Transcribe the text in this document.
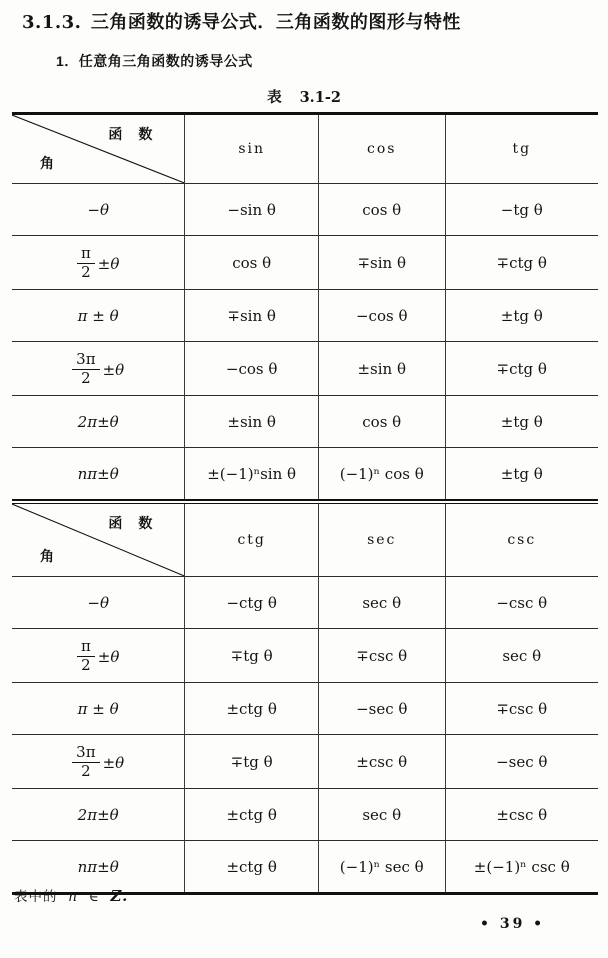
3.1.3. 三角函数的诱导公式．三角函数的图形与特性
1．任意角三角函数的诱导公式
表 3.1-2
函数
角	sin	cos	tg
−θ	−sin θ	cos θ	−tg θ

$\frac{\pi}{2} \pm\theta$	cos θ	∓sin θ	∓ctg θ
π ± θ	∓sin θ	−cos θ	±tg θ

$\frac{3\pi}{2} \pm\theta$	−cos θ	±sin θ	∓ctg θ
2π±θ	±sin θ	cos θ	±tg θ
nπ±θ	±(−1)ⁿsin θ	(−1)ⁿ cos θ	±tg θ
函数
角	ctg	sec	csc
−θ	−ctg θ	sec θ	−csc θ

$\frac{\pi}{2} \pm\theta$	∓tg θ	∓csc θ	sec θ
π ± θ	±ctg θ	−sec θ	∓csc θ

$\frac{3\pi}{2} \pm\theta$	∓tg θ	±csc θ	−sec θ
2π±θ	±ctg θ	sec θ	±csc θ
nπ±θ	±ctg θ	(−1)ⁿ sec θ	±(−1)ⁿ csc θ
表中的 n ∈ Z.
• 39 •
